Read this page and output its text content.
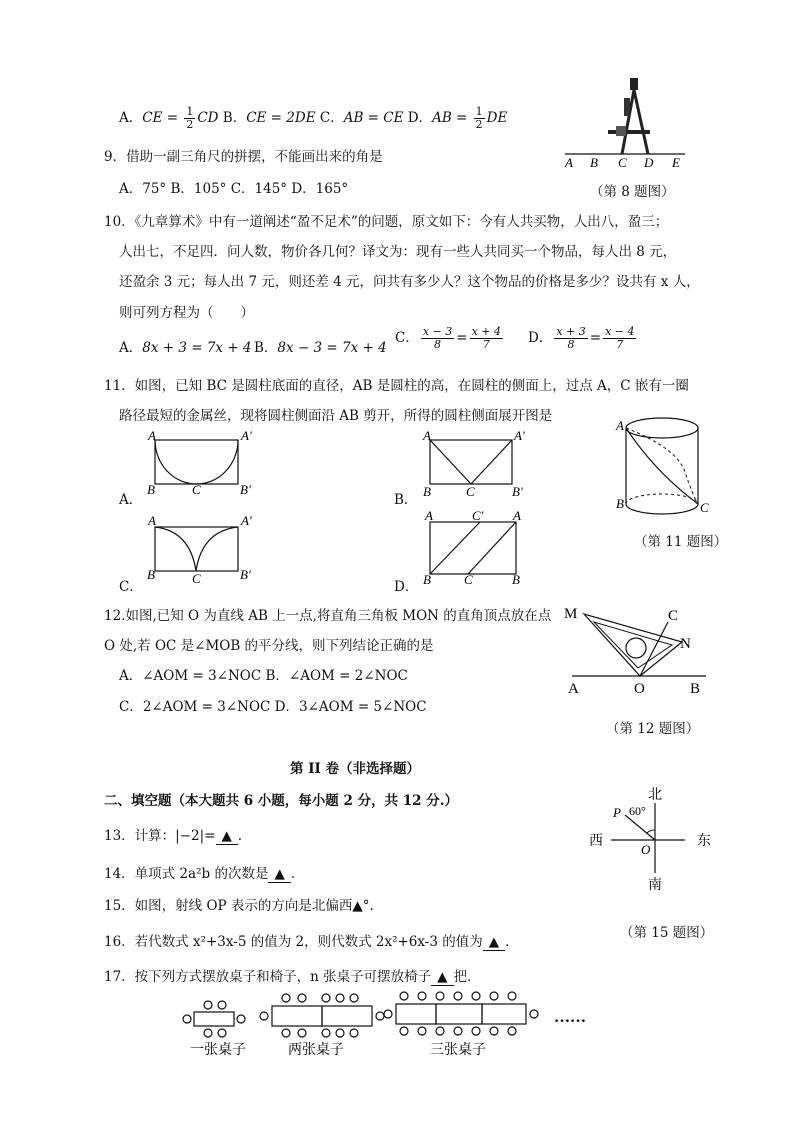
A．CE = $\frac{1}{2}$ CD B．CE = 2DE C．AB = CE D．AB = $\frac{1}{2}$ DE
A B C D E
（第 8 题图）
9．借助一副三角尺的拼摆，不能画出来的角是
A．75° B．105° C．145° D．165°
10．《九章算术》中有一道阐述“盈不足术”的问题，原文如下：今有人共买物，人出八，盈三；
人出七，不足四．问人数，物价各几何？译文为：现有一些人共同买一个物品，每人出 8 元，
还盈余 3 元；每人出 7 元，则还差 4 元，问共有多少人？这个物品的价格是多少？设共有 x 人，
则可列方程为（　　）
A．8x + 3 = 7x + 4 B．8x − 3 = 7x + 4
C． $\frac{x - 3}{8} = \frac{x + 4}{7}$ D． $\frac{x + 3}{8} = \frac{x - 4}{7}$
11．如图，已知 BC 是圆柱底面的直径，AB 是圆柱的高，在圆柱的侧面上，过点 A，C 嵌有一圈
路径最短的金属丝，现将圆柱侧面沿 AB 剪开，所得的圆柱侧面展开图是
A．
A	A′
B	C	B′
B．
A	A′
B	C	B′
C．
A	A′
B	C	B′
D．
A	C′ A
B	C	B
A
B	C
（第 11 题图）
12.如图,已知 O 为直线 AB 上一点,将直角三角板 MON 的直角顶点放在点
O 处,若 OC 是∠MOB 的平分线，则下列结论正确的是
A．∠AOM = 3∠NOC B．∠AOM = 2∠NOC
C．2∠AOM = 3∠NOC D．3∠AOM = 5∠NOC
M	C
N
A	O	B
（第 12 题图）
第 II 卷（非选择题）
二、填空题（本大题共 6 小题，每小题 2 分，共 12 分.）
13．计算：|−2|= ▲ ．
14．单项式 2a²b 的次数是 ▲ ．
15．如图，射线 OP 表示的方向是北偏西▲°.
北
南
西	东
P
O
60°
（第 15 题图）
16．若代数式 x²+3x-5 的值为 2，则代数式 2x²+6x-3 的值为 ▲ ．
17．按下列方式摆放桌子和椅子，n 张桌子可摆放椅子 ▲ 把．
一张桌子	两张桌子	三张桌子
……
